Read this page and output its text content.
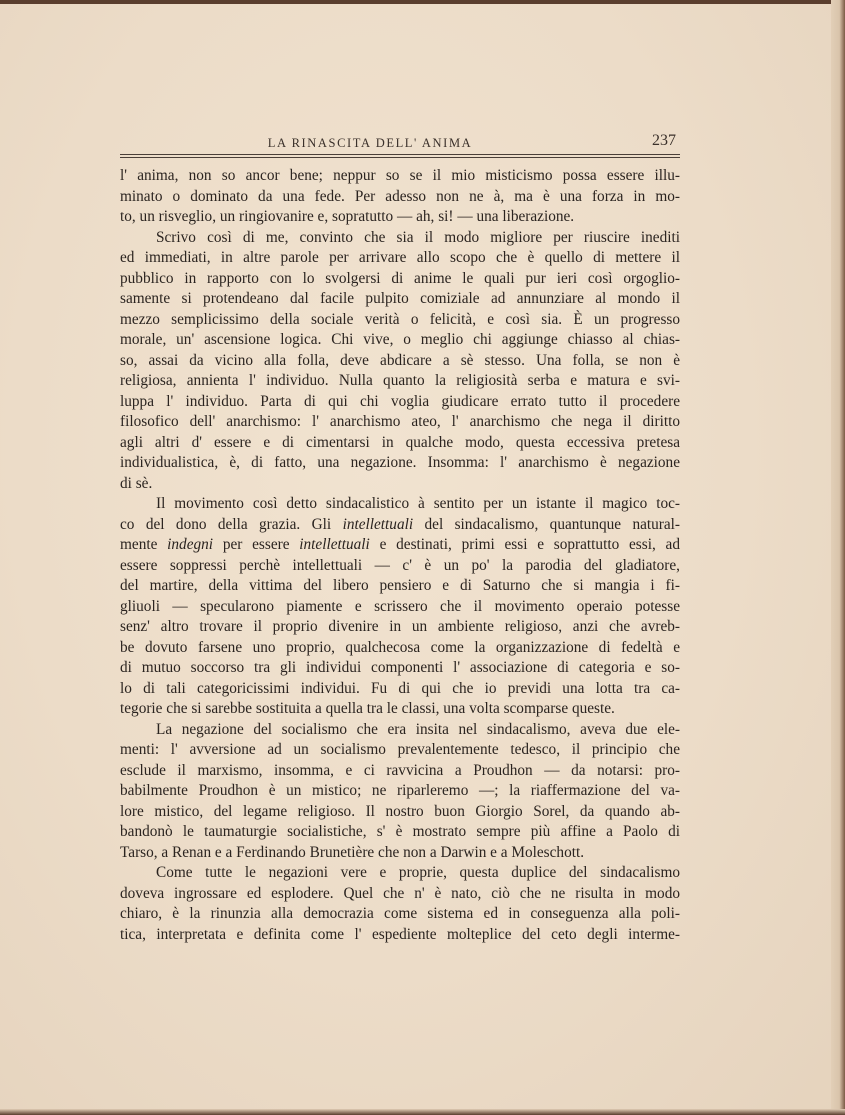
LA RINASCITA DELL' ANIMA	237
l' anima, non so ancor bene; neppur so se il mio misticismo possa essere illu-
minato o dominato da una fede. Per adesso non ne à, ma è una forza in mo-
to, un risveglio, un ringiovanire e, sopratutto — ah, si! — una liberazione.
Scrivo così di me, convinto che sia il modo migliore per riuscire inediti
ed immediati, in altre parole per arrivare allo scopo che è quello di mettere il
pubblico in rapporto con lo svolgersi di anime le quali pur ieri così orgoglio-
samente si protendeano dal facile pulpito comiziale ad annunziare al mondo il
mezzo semplicissimo della sociale verità o felicità, e così sia. È un progresso
morale, un' ascensione logica. Chi vive, o meglio chi aggiunge chiasso al chias-
so, assai da vicino alla folla, deve abdicare a sè stesso. Una folla, se non è
religiosa, annienta l' individuo. Nulla quanto la religiosità serba e matura e svi-
luppa l' individuo. Parta di qui chi voglia giudicare errato tutto il procedere
filosofico dell' anarchismo: l' anarchismo ateo, l' anarchismo che nega il diritto
agli altri d' essere e di cimentarsi in qualche modo, questa eccessiva pretesa
individualistica, è, di fatto, una negazione. Insomma: l' anarchismo è negazione
di sè.
Il movimento così detto sindacalistico à sentito per un istante il magico toc-
co del dono della grazia. Gli intellettuali del sindacalismo, quantunque natural-
mente indegni per essere intellettuali e destinati, primi essi e soprattutto essi, ad
essere soppressi perchè intellettuali — c' è un po' la parodia del gladiatore,
del martire, della vittima del libero pensiero e di Saturno che si mangia i fi-
gliuoli — specularono piamente e scrissero che il movimento operaio potesse
senz' altro trovare il proprio divenire in un ambiente religioso, anzi che avreb-
be dovuto farsene uno proprio, qualchecosa come la organizzazione di fedeltà e
di mutuo soccorso tra gli individui componenti l' associazione di categoria e so-
lo di tali categoricissimi individui. Fu di qui che io previdi una lotta tra ca-
tegorie che si sarebbe sostituita a quella tra le classi, una volta scomparse queste.
La negazione del socialismo che era insita nel sindacalismo, aveva due ele-
menti: l' avversione ad un socialismo prevalentemente tedesco, il principio che
esclude il marxismo, insomma, e ci ravvicina a Proudhon — da notarsi: pro-
babilmente Proudhon è un mistico; ne riparleremo —; la riaffermazione del va-
lore mistico, del legame religioso. Il nostro buon Giorgio Sorel, da quando ab-
bandonò le taumaturgie socialistiche, s' è mostrato sempre più affine a Paolo di
Tarso, a Renan e a Ferdinando Brunetière che non a Darwin e a Moleschott.
Come tutte le negazioni vere e proprie, questa duplice del sindacalismo
doveva ingrossare ed esplodere. Quel che n' è nato, ciò che ne risulta in modo
chiaro, è la rinunzia alla democrazia come sistema ed in conseguenza alla poli-
tica, interpretata e definita come l' espediente molteplice del ceto degli interme-
